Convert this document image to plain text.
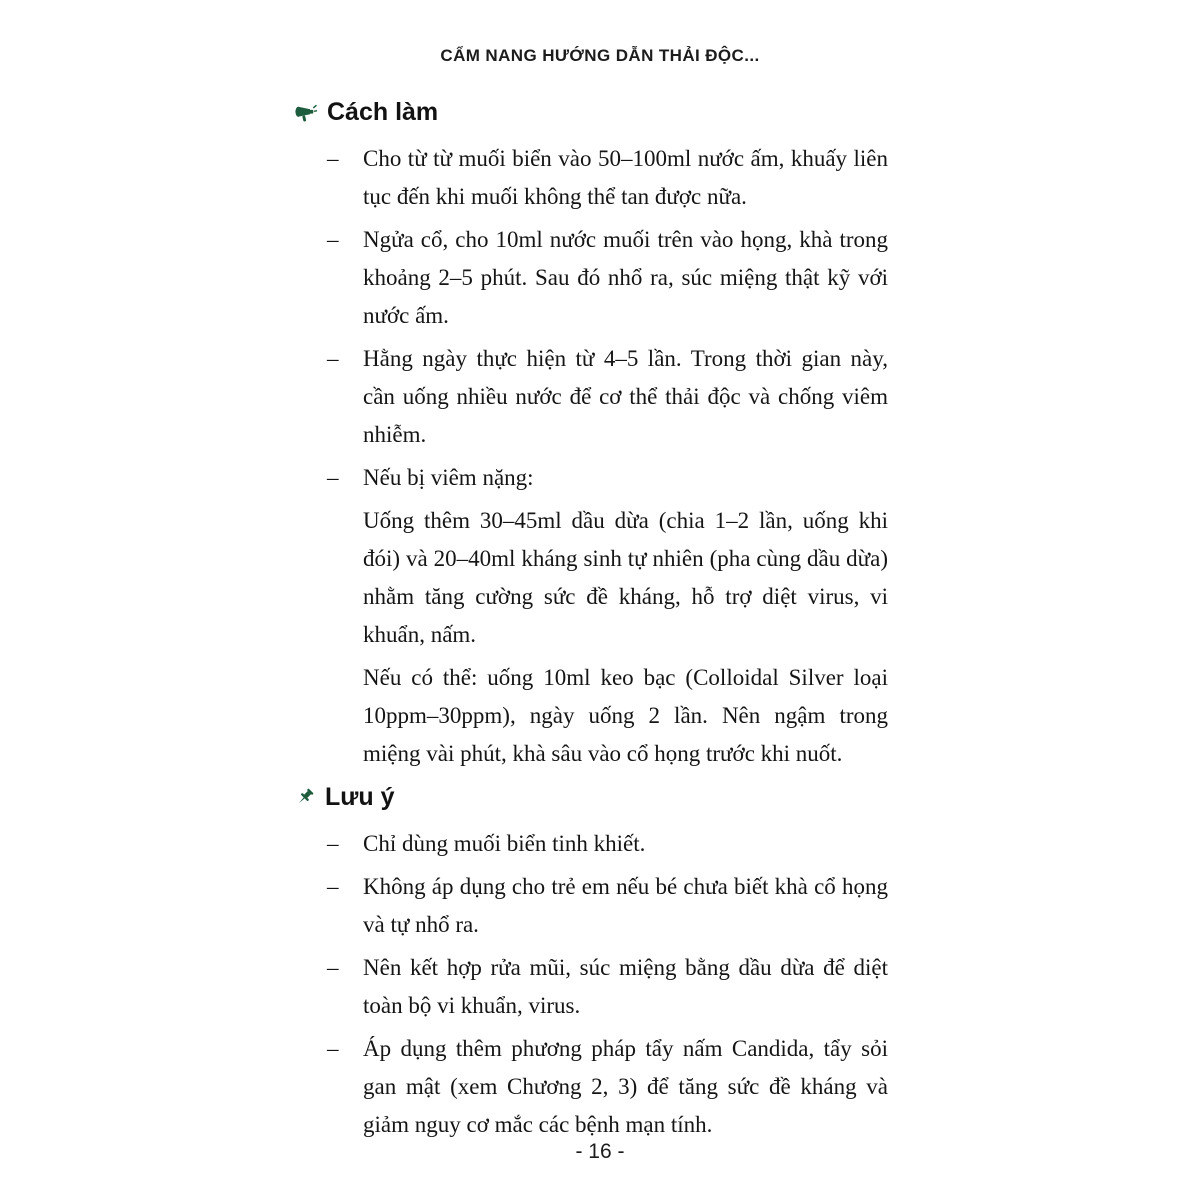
CẨM NANG HƯỚNG DẪN THẢI ĐỘC...
Cách làm
– Cho từ từ muối biển vào 50–100ml nước ấm, khuấy liên tục đến khi muối không thể tan được nữa.
– Ngửa cổ, cho 10ml nước muối trên vào họng, khà trong khoảng 2–5 phút. Sau đó nhổ ra, súc miệng thật kỹ với nước ấm.
– Hằng ngày thực hiện từ 4–5 lần. Trong thời gian này, cần uống nhiều nước để cơ thể thải độc và chống viêm nhiễm.
– Nếu bị viêm nặng:
Uống thêm 30–45ml dầu dừa (chia 1–2 lần, uống khi đói) và 20–40ml kháng sinh tự nhiên (pha cùng dầu dừa) nhằm tăng cường sức đề kháng, hỗ trợ diệt virus, vi khuẩn, nấm.
Nếu có thể: uống 10ml keo bạc (Colloidal Silver loại 10ppm–30ppm), ngày uống 2 lần. Nên ngậm trong miệng vài phút, khà sâu vào cổ họng trước khi nuốt.
Lưu ý
– Chỉ dùng muối biển tinh khiết.
– Không áp dụng cho trẻ em nếu bé chưa biết khà cổ họng và tự nhổ ra.
– Nên kết hợp rửa mũi, súc miệng bằng dầu dừa để diệt toàn bộ vi khuẩn, virus.
– Áp dụng thêm phương pháp tẩy nấm Candida, tẩy sỏi gan mật (xem Chương 2, 3) để tăng sức đề kháng và giảm nguy cơ mắc các bệnh mạn tính.
- 16 -
